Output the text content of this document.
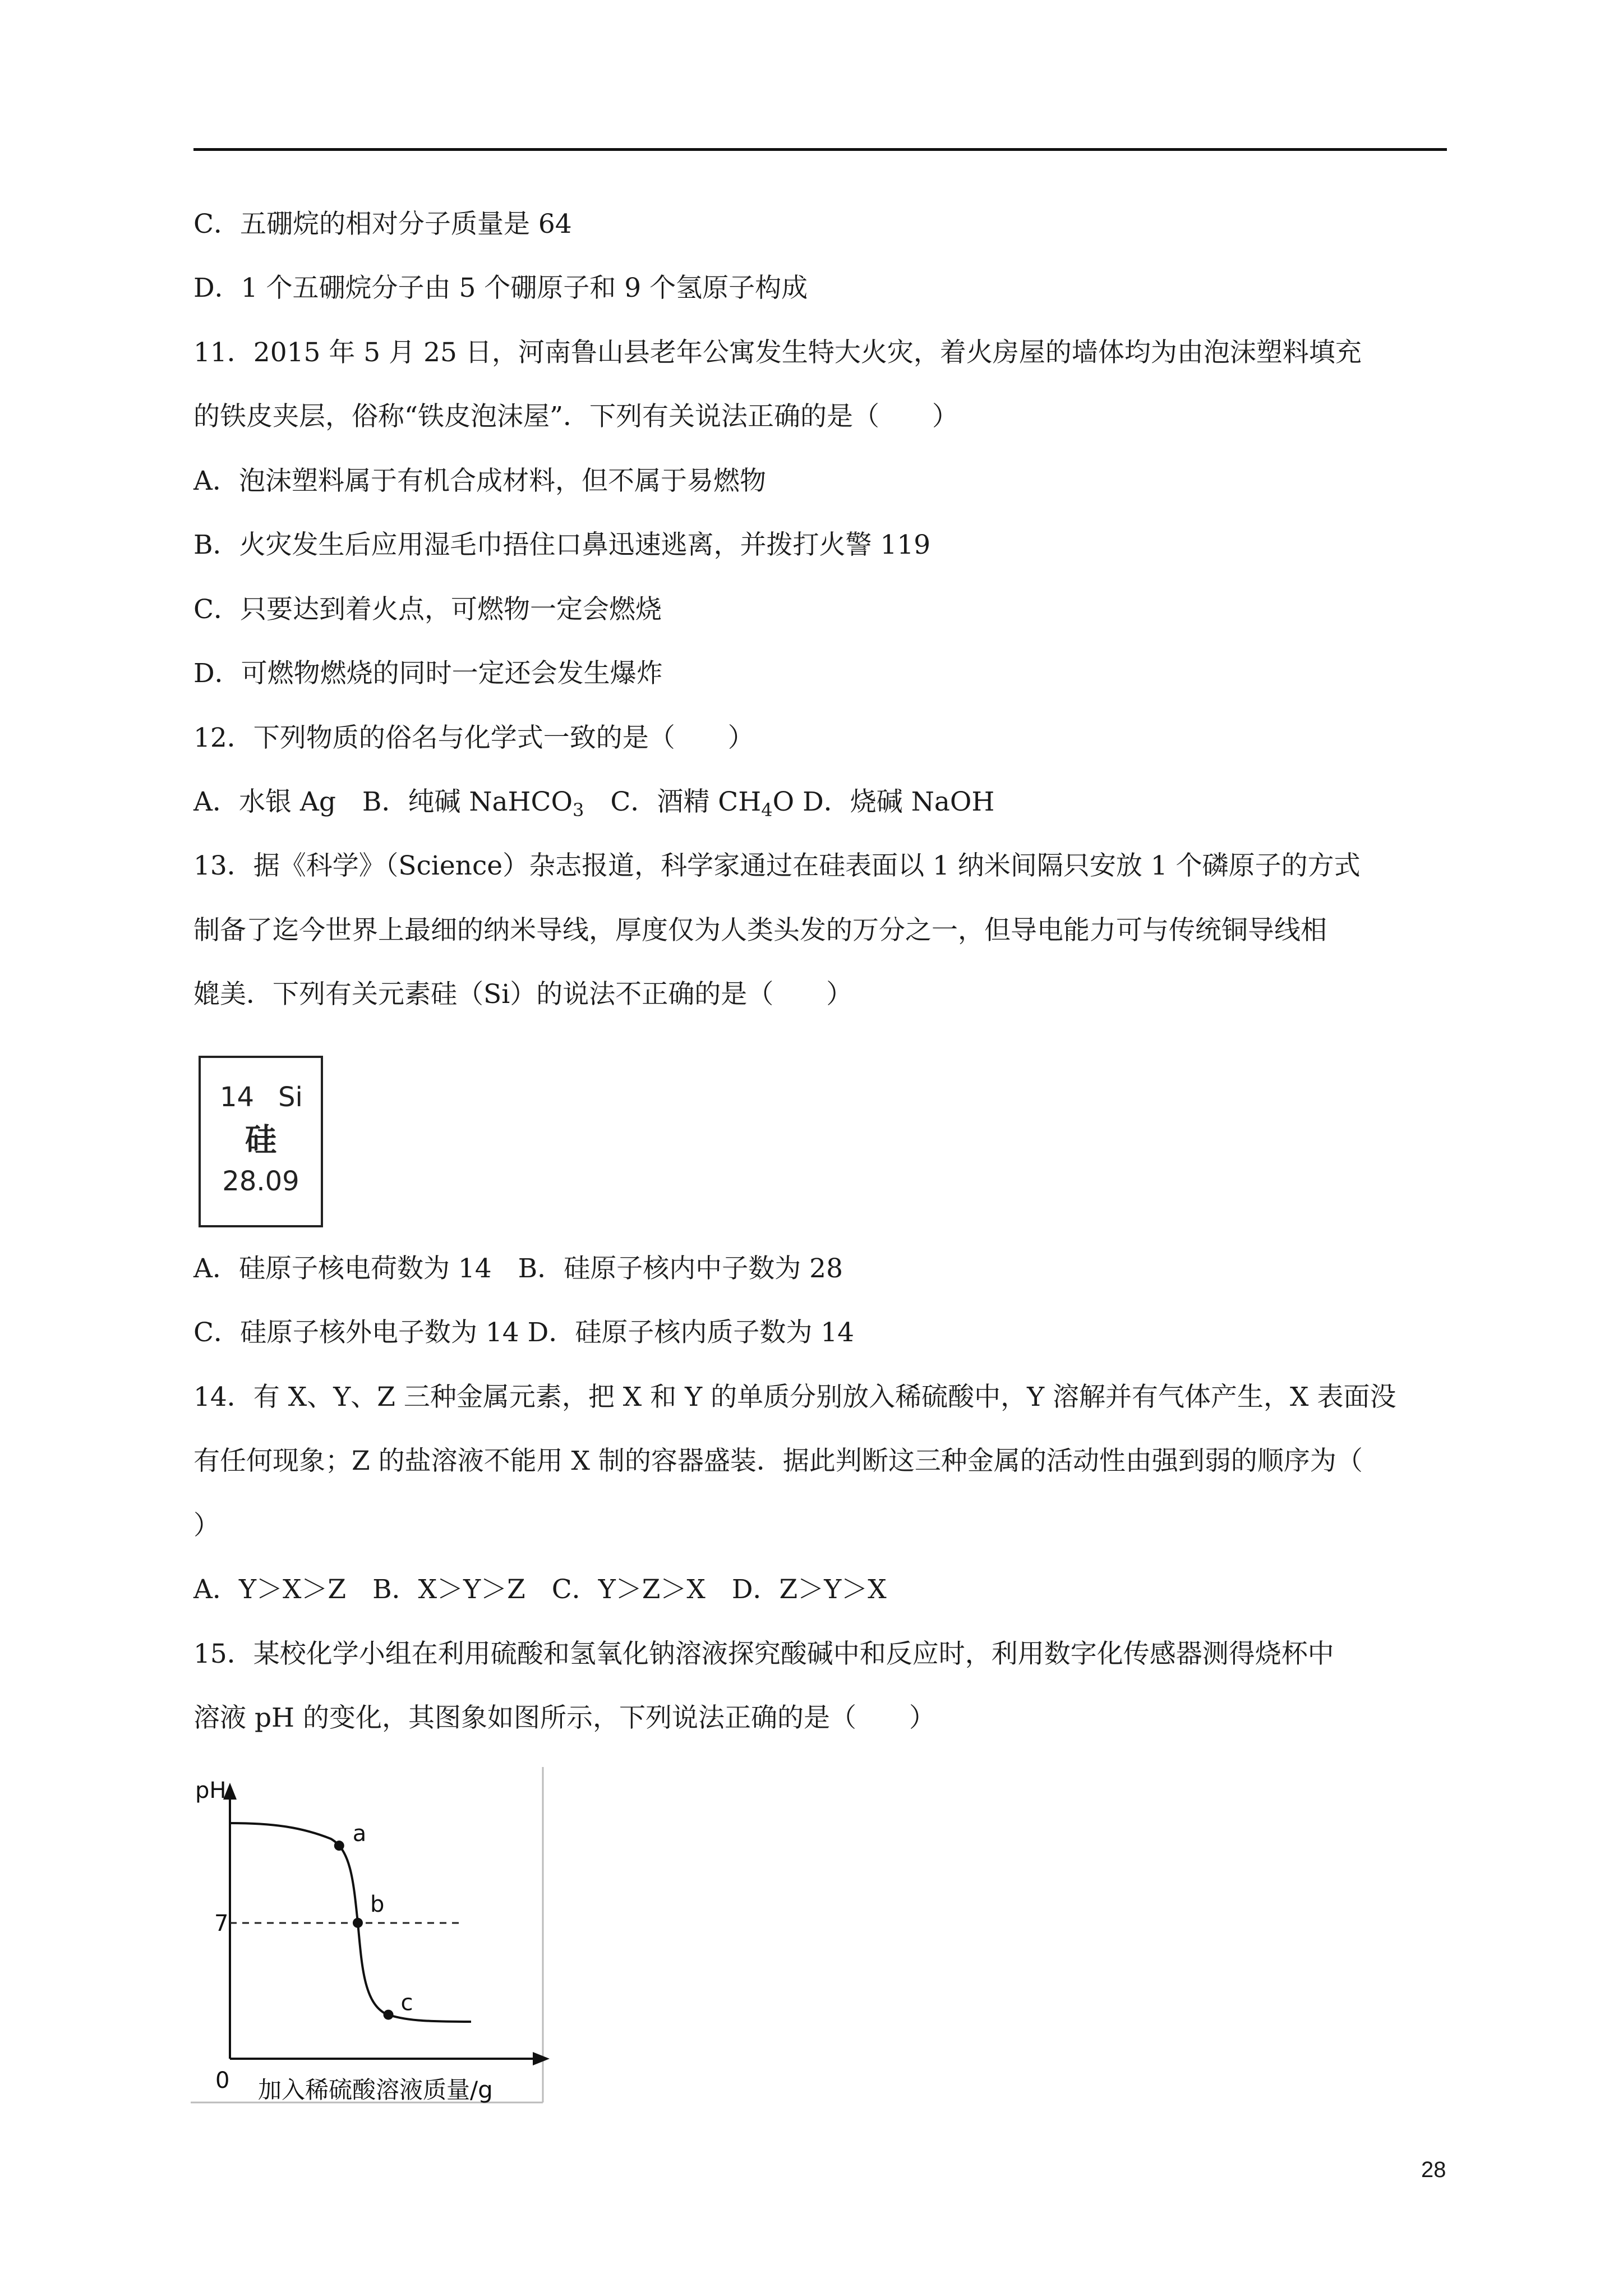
C．五硼烷的相对分子质量是 64
D．1 个五硼烷分子由 5 个硼原子和 9 个氢原子构成
11．2015 年 5 月 25 日，河南鲁山县老年公寓发生特大火灾，着火房屋的墙体均为由泡沫塑料填充
的铁皮夹层，俗称“铁皮泡沫屋”．下列有关说法正确的是（　　）
A．泡沫塑料属于有机合成材料，但不属于易燃物
B．火灾发生后应用湿毛巾捂住口鼻迅速逃离，并拨打火警 119
C．只要达到着火点，可燃物一定会燃烧
D．可燃物燃烧的同时一定还会发生爆炸
12．下列物质的俗名与化学式一致的是（　　）
A．水银 Ag　B．纯碱 NaHCO$_3$　C．酒精 $CH_4O$ D．烧碱 NaOH
13．据《科学》（Science）杂志报道，科学家通过在硅表面以 1 纳米间隔只安放 1 个磷原子的方式
制备了迄今世界上最细的纳米导线，厚度仅为人类头发的万分之一，但导电能力可与传统铜导线相
媲美．下列有关元素硅（Si）的说法不正确的是（　　）
14 Si
硅
28.09
A．硅原子核电荷数为 14　B．硅原子核内中子数为 28
C．硅原子核外电子数为 14 D．硅原子核内质子数为 14
14．有 X、Y、Z 三种金属元素，把 X 和 Y 的单质分别放入稀硫酸中，Y 溶解并有气体产生，X 表面没
有任何现象；Z 的盐溶液不能用 X 制的容器盛装．据此判断这三种金属的活动性由强到弱的顺序为（
）
A．Y＞X＞Z　B．X＞Y＞Z　C．Y＞Z＞X　D．Z＞Y＞X
15．某校化学小组在利用硫酸和氢氧化钠溶液探究酸碱中和反应时，利用数字化传感器测得烧杯中
溶液 pH 的变化，其图象如图所示，下列说法正确的是（　　）
a
b
c
pH
7
0 加入稀硫酸溶液质量/g
28
